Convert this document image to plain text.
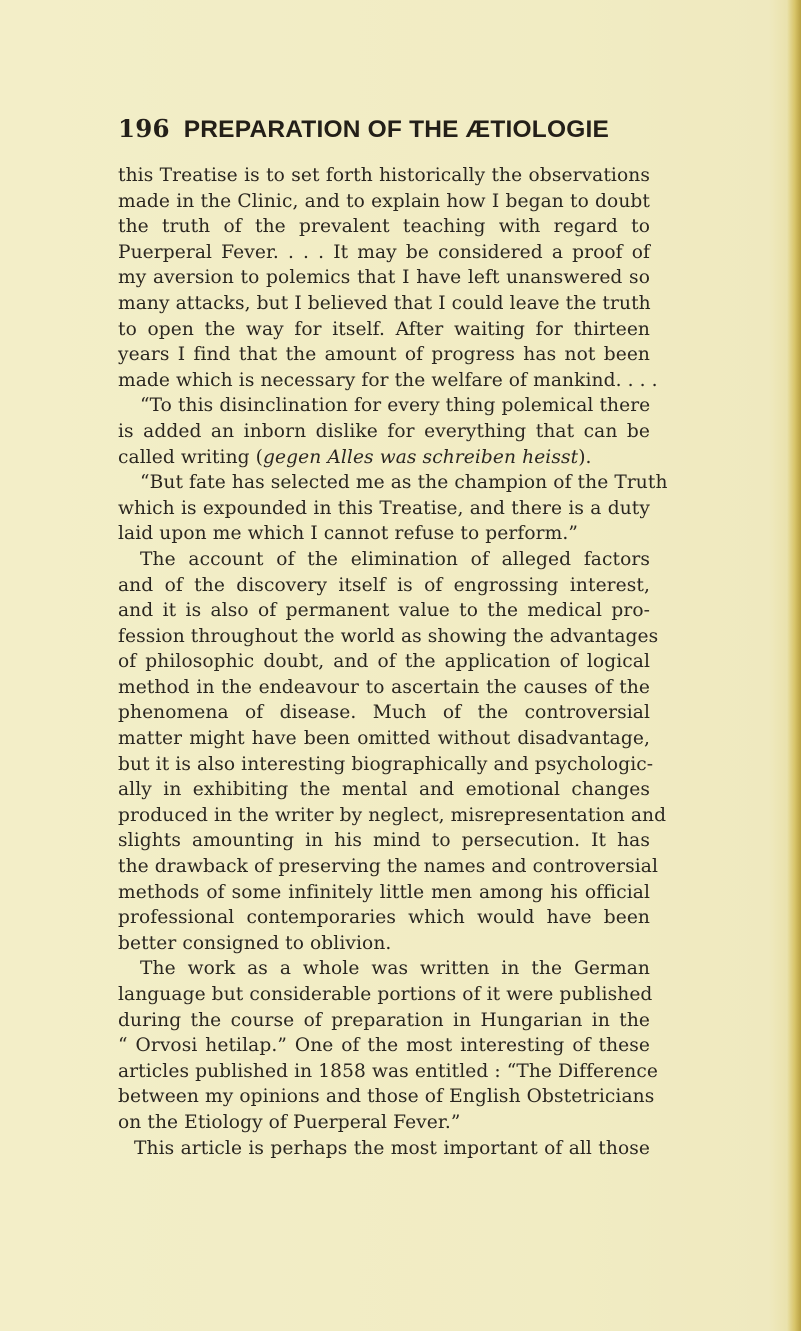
196 PREPARATION OF THE ÆTIOLOGIE
this Treatise is to set forth historically the observations
made in the Clinic, and to explain how I began to doubt
the truth of the prevalent teaching with regard to
Puerperal Fever. . . . It may be considered a proof of
my aversion to polemics that I have left unanswered so
many attacks, but I believed that I could leave the truth
to open the way for itself. After waiting for thirteen
years I find that the amount of progress has not been
made which is necessary for the welfare of mankind. . . .
“To this disinclination for every thing polemical there
is added an inborn dislike for everything that can be
called writing (gegen Alles was schreiben heisst).
“But fate has selected me as the champion of the Truth
which is expounded in this Treatise, and there is a duty
laid upon me which I cannot refuse to perform.”
The account of the elimination of alleged factors
and of the discovery itself is of engrossing interest,
and it is also of permanent value to the medical pro-
fession throughout the world as showing the advantages
of philosophic doubt, and of the application of logical
method in the endeavour to ascertain the causes of the
phenomena of disease. Much of the controversial
matter might have been omitted without disadvantage,
but it is also interesting biographically and psychologic-
ally in exhibiting the mental and emotional changes
produced in the writer by neglect, misrepresentation and
slights amounting in his mind to persecution. It has
the drawback of preserving the names and controversial
methods of some infinitely little men among his official
professional contemporaries which would have been
better consigned to oblivion.
The work as a whole was written in the German
language but considerable portions of it were published
during the course of preparation in Hungarian in the
“ Orvosi hetilap.” One of the most interesting of these
articles published in 1858 was entitled : “The Difference
between my opinions and those of English Obstetricians
on the Etiology of Puerperal Fever.”
This article is perhaps the most important of all those
